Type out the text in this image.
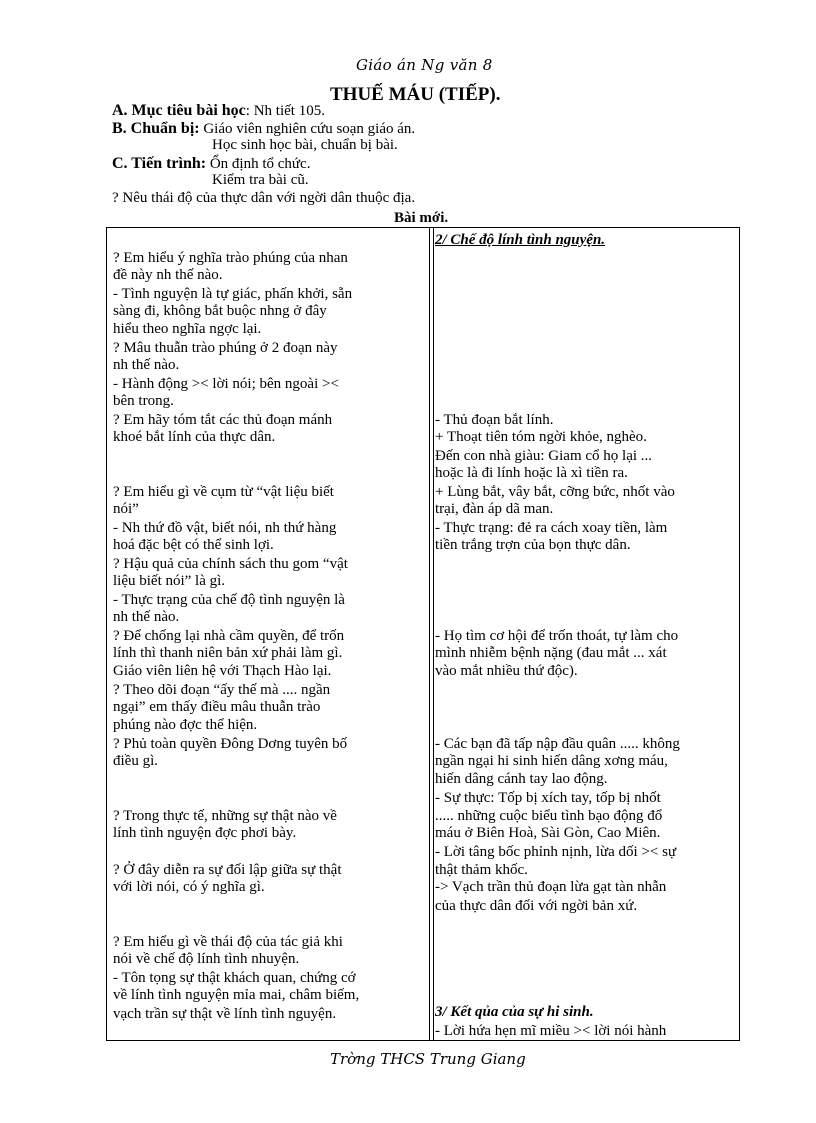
Giáo án Ng văn 8
THUẾ MÁU (TIẾP).
A. Mục tiêu bài học: Nh tiết 105.
B. Chuẩn bị: Giáo viên nghiên cứu soạn giáo án.
Học sinh học bài, chuẩn bị bài.
C. Tiến trình: Ổn định tổ chức.
Kiểm tra bài cũ.
? Nêu thái độ của thực dân với ngời dân thuộc địa.
Bài mới.
? Em hiểu ý nghĩa trào phúng của nhan
đề này nh thế nào.
- Tình nguyện là tự giác, phấn khởi, sẵn
sàng đi, không bắt buộc nhng ở đây
hiểu theo nghĩa ngợc lại.
? Mâu thuẫn trào phúng ở 2 đoạn này
nh thế nào.
- Hành động >< lời nói; bên ngoài ><
bên trong.
? Em hãy tóm tắt các thủ đoạn mánh
khoé bắt lính của thực dân.
? Em hiểu gì về cụm từ “vật liệu biết
nói”
- Nh thứ đồ vật, biết nói, nh thứ hàng
hoá đặc bệt có thể sinh lợi.
? Hậu quả của chính sách thu gom “vật
liệu biết nói” là gì.
- Thực trạng của chế độ tình nguyện là
nh thế nào.
? Để chống lại nhà cầm quyền, để trốn
lính thì thanh niên bản xứ phải làm gì.
Giáo viên liên hệ với Thạch Hào lại.
? Theo dõi đoạn “ấy thế mà .... ngần
ngại” em thấy điều mâu thuẫn trào
phúng nào đợc thể hiện.
? Phủ toàn quyền Đông Dơng tuyên bố
điều gì.
? Trong thực tế, những sự thật nào về
lính tình nguyện đợc phơi bày.
? Ở đây diễn ra sự đối lập giữa sự thật
với lời nói, có ý nghĩa gì.
? Em hiểu gì về thái độ của tác giả khi
nói về chế độ lính tình nhuyện.
- Tôn tọng sự thật khách quan, chứng cớ
về lính tình nguyện mỉa mai, châm biếm,
vạch trần sự thật về lính tình nguyện.
2/ Chế độ lính tình nguyện.
- Thủ đoạn bắt lính.
+ Thoạt tiên tóm ngời khỏe, nghèo.
Đến con nhà giàu: Giam cổ họ lại ...
hoặc là đi lính hoặc là xì tiền ra.
+ Lùng bắt, vây bắt, cỡng bức, nhốt vào
trại, đàn áp dã man.
- Thực trạng: đẻ ra cách xoay tiền, làm
tiền trắng trợn của bọn thực dân.
- Họ tìm cơ hội để trốn thoát, tự làm cho
mình nhiễm bệnh nặng (đau mắt ... xát
vào mắt nhiều thứ độc).
- Các bạn đã tấp nập đầu quân ..... không
ngần ngại hi sinh hiến dâng xơng máu,
hiến dâng cánh tay lao động.
- Sự thực: Tốp bị xích tay, tốp bị nhốt
..... những cuộc biểu tình bạo động đổ
máu ở Biên Hoà, Sài Gòn, Cao Miên.
- Lời tâng bốc phỉnh nịnh, lừa dối >< sự
thật thảm khốc.
-> Vạch trần thủ đoạn lừa gạt tàn nhẫn
của thực dân đối với ngời bản xứ.
3/ Kết qủa của sự hi sinh.
- Lời hứa hẹn mĩ miều >< lời nói hành
Trờng THCS Trung Giang
